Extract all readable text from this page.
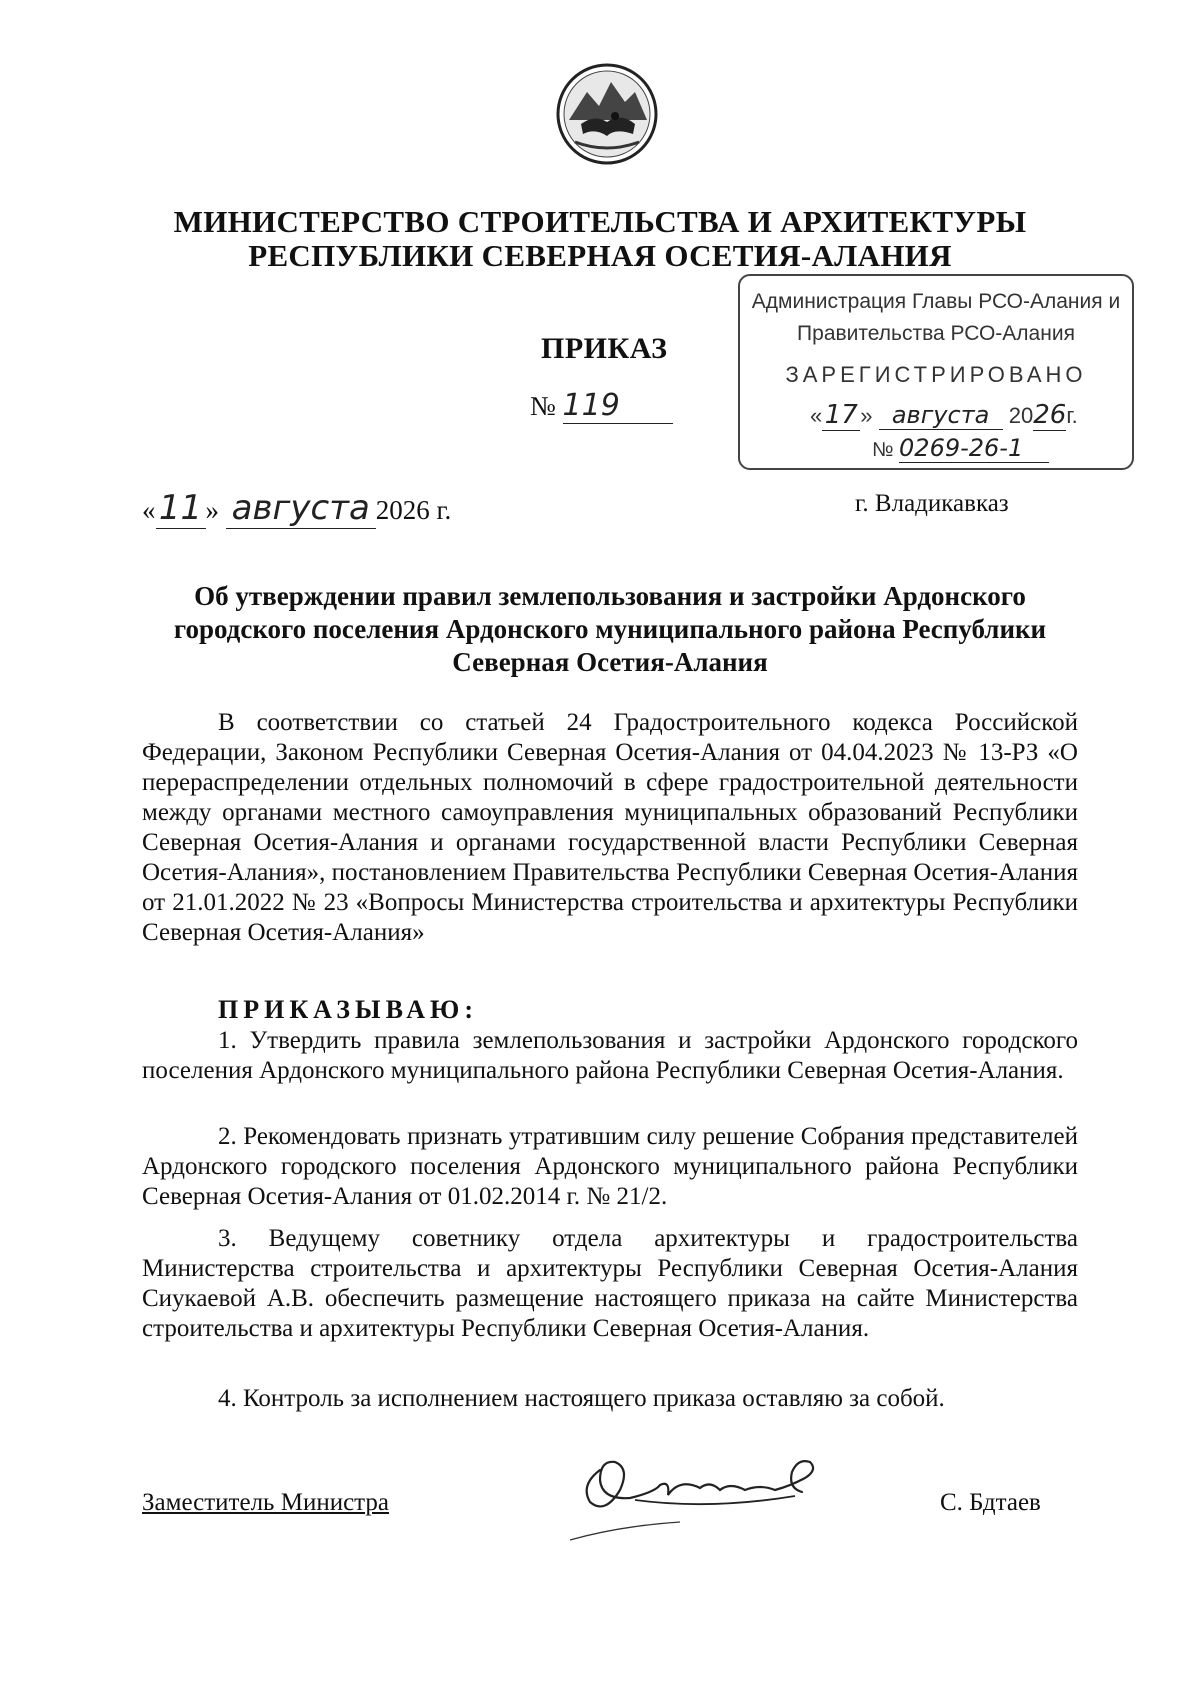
МИНИСТЕРСТВО СТРОИТЕЛЬСТВА И АРХИТЕКТУРЫ
РЕСПУБЛИКИ СЕВЕРНАЯ ОСЕТИЯ-АЛАНИЯ
Администрация Главы РСО-Алания и
Правительства РСО-Алания
ЗАРЕГИСТРИРОВАНО
«17 » августа 2026г.
№ 0269-26-1
ПРИКАЗ
№ 119
«11 » августа 2026 г.	г. Владикавказ
Об утверждении правил землепользования и застройки Ардонского
городского поселения Ардонского муниципального района Республики
Северная Осетия-Алания
В соответствии со статьей 24 Градостроительного кодекса Российской Федерации, Законом Республики Северная Осетия-Алания от 04.04.2023 № 13-РЗ «О перераспределении отдельных полномочий в сфере градостроительной деятельности между органами местного самоуправления муниципальных образований Республики Северная Осетия-Алания и органами государственной власти Республики Северная Осетия-Алания», постановлением Правительства Республики Северная Осетия-Алания от 21.01.2022 № 23 «Вопросы Министерства строительства и архитектуры Республики Северная Осетия-Алания»
ПРИКАЗЫВАЮ:
1. Утвердить правила землепользования и застройки Ардонского городского поселения Ардонского муниципального района Республики Северная Осетия-Алания.
2. Рекомендовать признать утратившим силу решение Собрания представителей Ардонского городского поселения Ардонского муниципального района Республики Северная Осетия-Алания от 01.02.2014 г. № 21/2.
3. Ведущему советнику отдела архитектуры и градостроительства Министерства строительства и архитектуры Республики Северная Осетия-Алания Сиукаевой А.В. обеспечить размещение настоящего приказа на сайте Министерства строительства и архитектуры Республики Северная Осетия-Алания.
4. Контроль за исполнением настоящего приказа оставляю за собой.
Заместитель Министра	С. Бдтаев
